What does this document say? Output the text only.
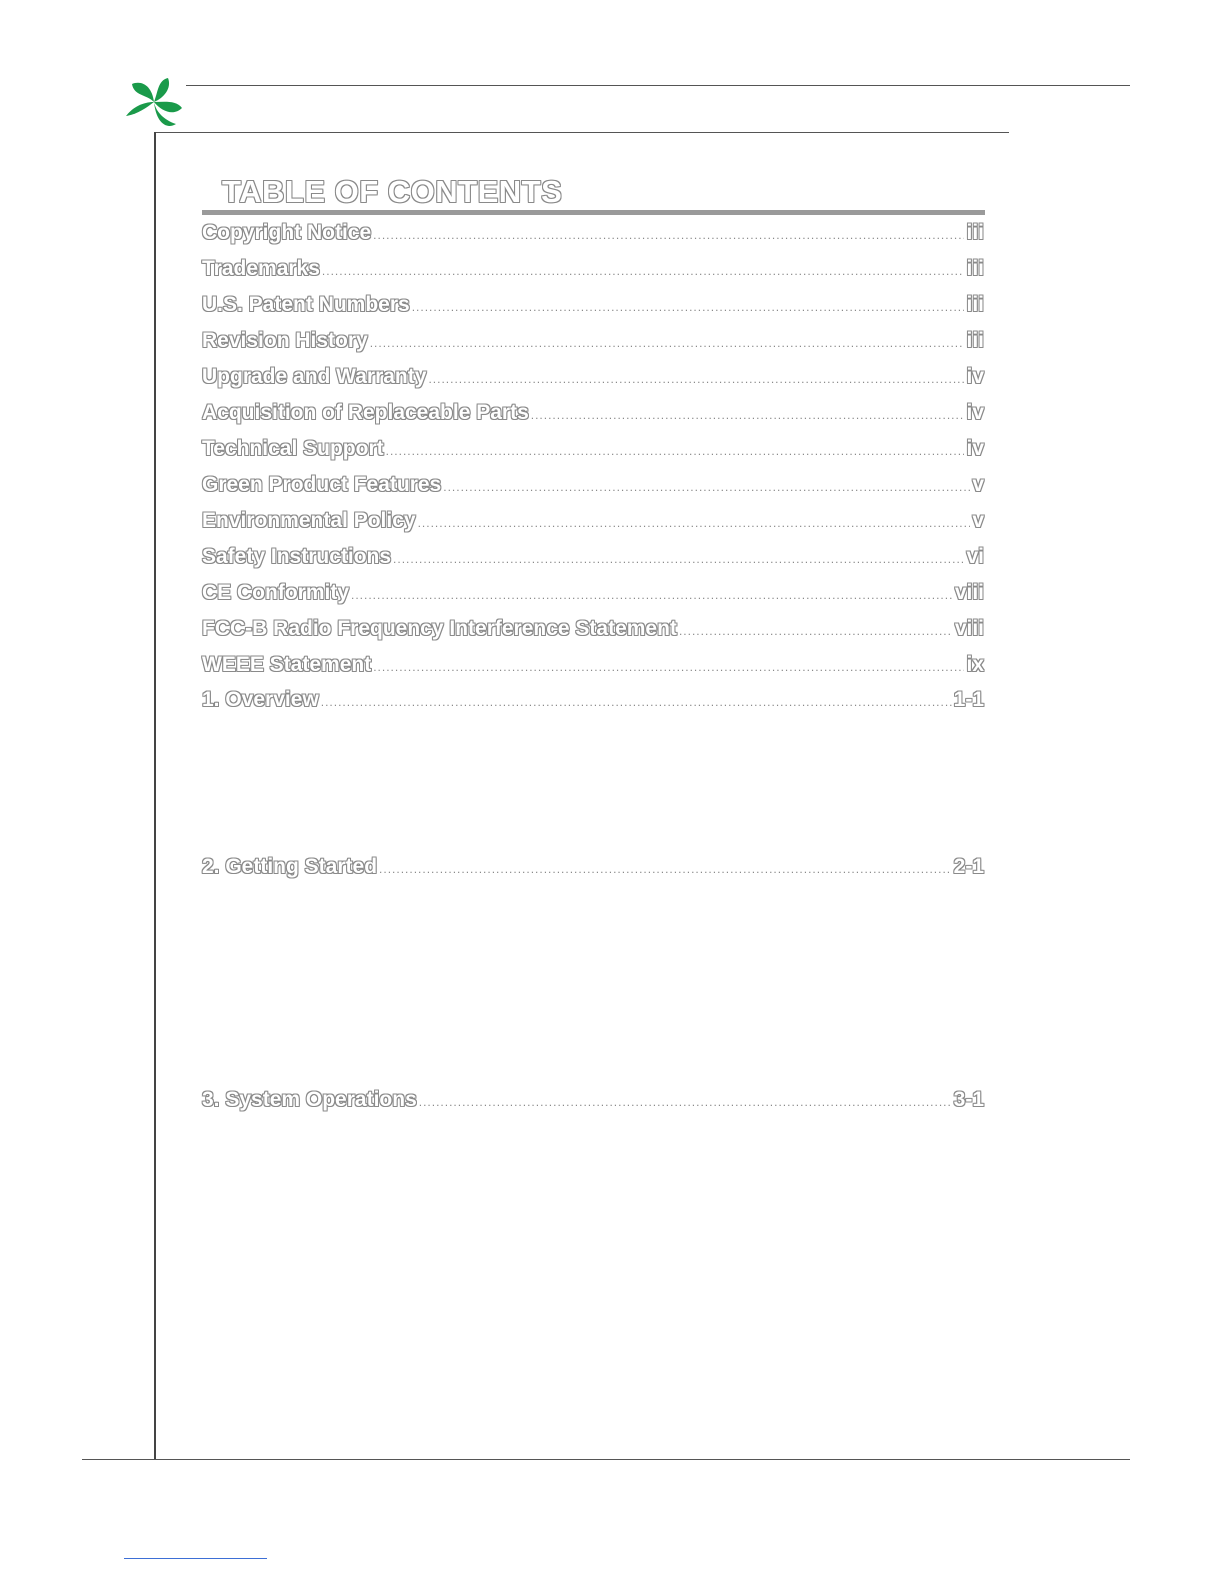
TABLE OF CONTENTS
Copyright Notice .....	iii
Trademarks .....	iii
U.S. Patent Numbers .....	iii
Revision History .....	iii
Upgrade and Warranty .....	iv
Acquisition of Replaceable Parts .....	iv
Technical Support .....	iv
Green Product Features .....	v
Environmental Policy .....	v
Safety Instructions .....	vi
CE Conformity .....	viii
FCC-B Radio Frequency Interference Statement .....	viii
WEEE Statement .....	ix
1. Overview .....	1-1
2. Getting Started .....	2-1
3. System Operations .....	3-1
